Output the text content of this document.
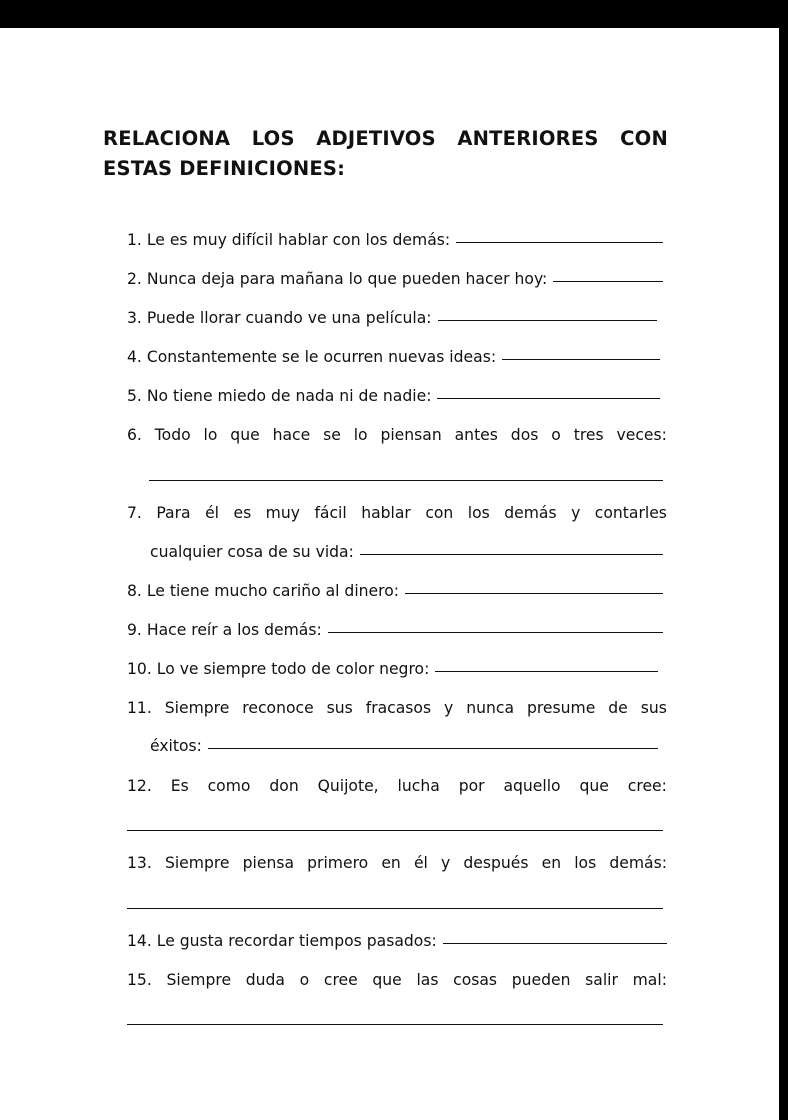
RELACIONA LOS ADJETIVOS ANTERIORES CON
ESTAS DEFINICIONES:
1.
Le es muy difícil hablar con los demás:
2.
Nunca deja para mañana lo que pueden hacer hoy:
3.
Puede llorar cuando ve una película:
4.
Constantemente se le ocurren nuevas ideas:
5.
No tiene miedo de nada ni de nadie:
6. Todo lo que hace se lo piensan antes dos o tres veces:
7. Para él es muy fácil hablar con los demás y contarles
cualquier cosa de su vida:
8.
Le tiene mucho cariño al dinero:
9.
Hace reír a los demás:
10.
Lo ve siempre todo de color negro:
11. Siempre reconoce sus fracasos y nunca presume de sus
éxitos:
12. Es como don Quijote, lucha por aquello que cree:
13. Siempre piensa primero en él y después en los demás:
14.
Le gusta recordar tiempos pasados:
15. Siempre duda o cree que las cosas pueden salir mal:
